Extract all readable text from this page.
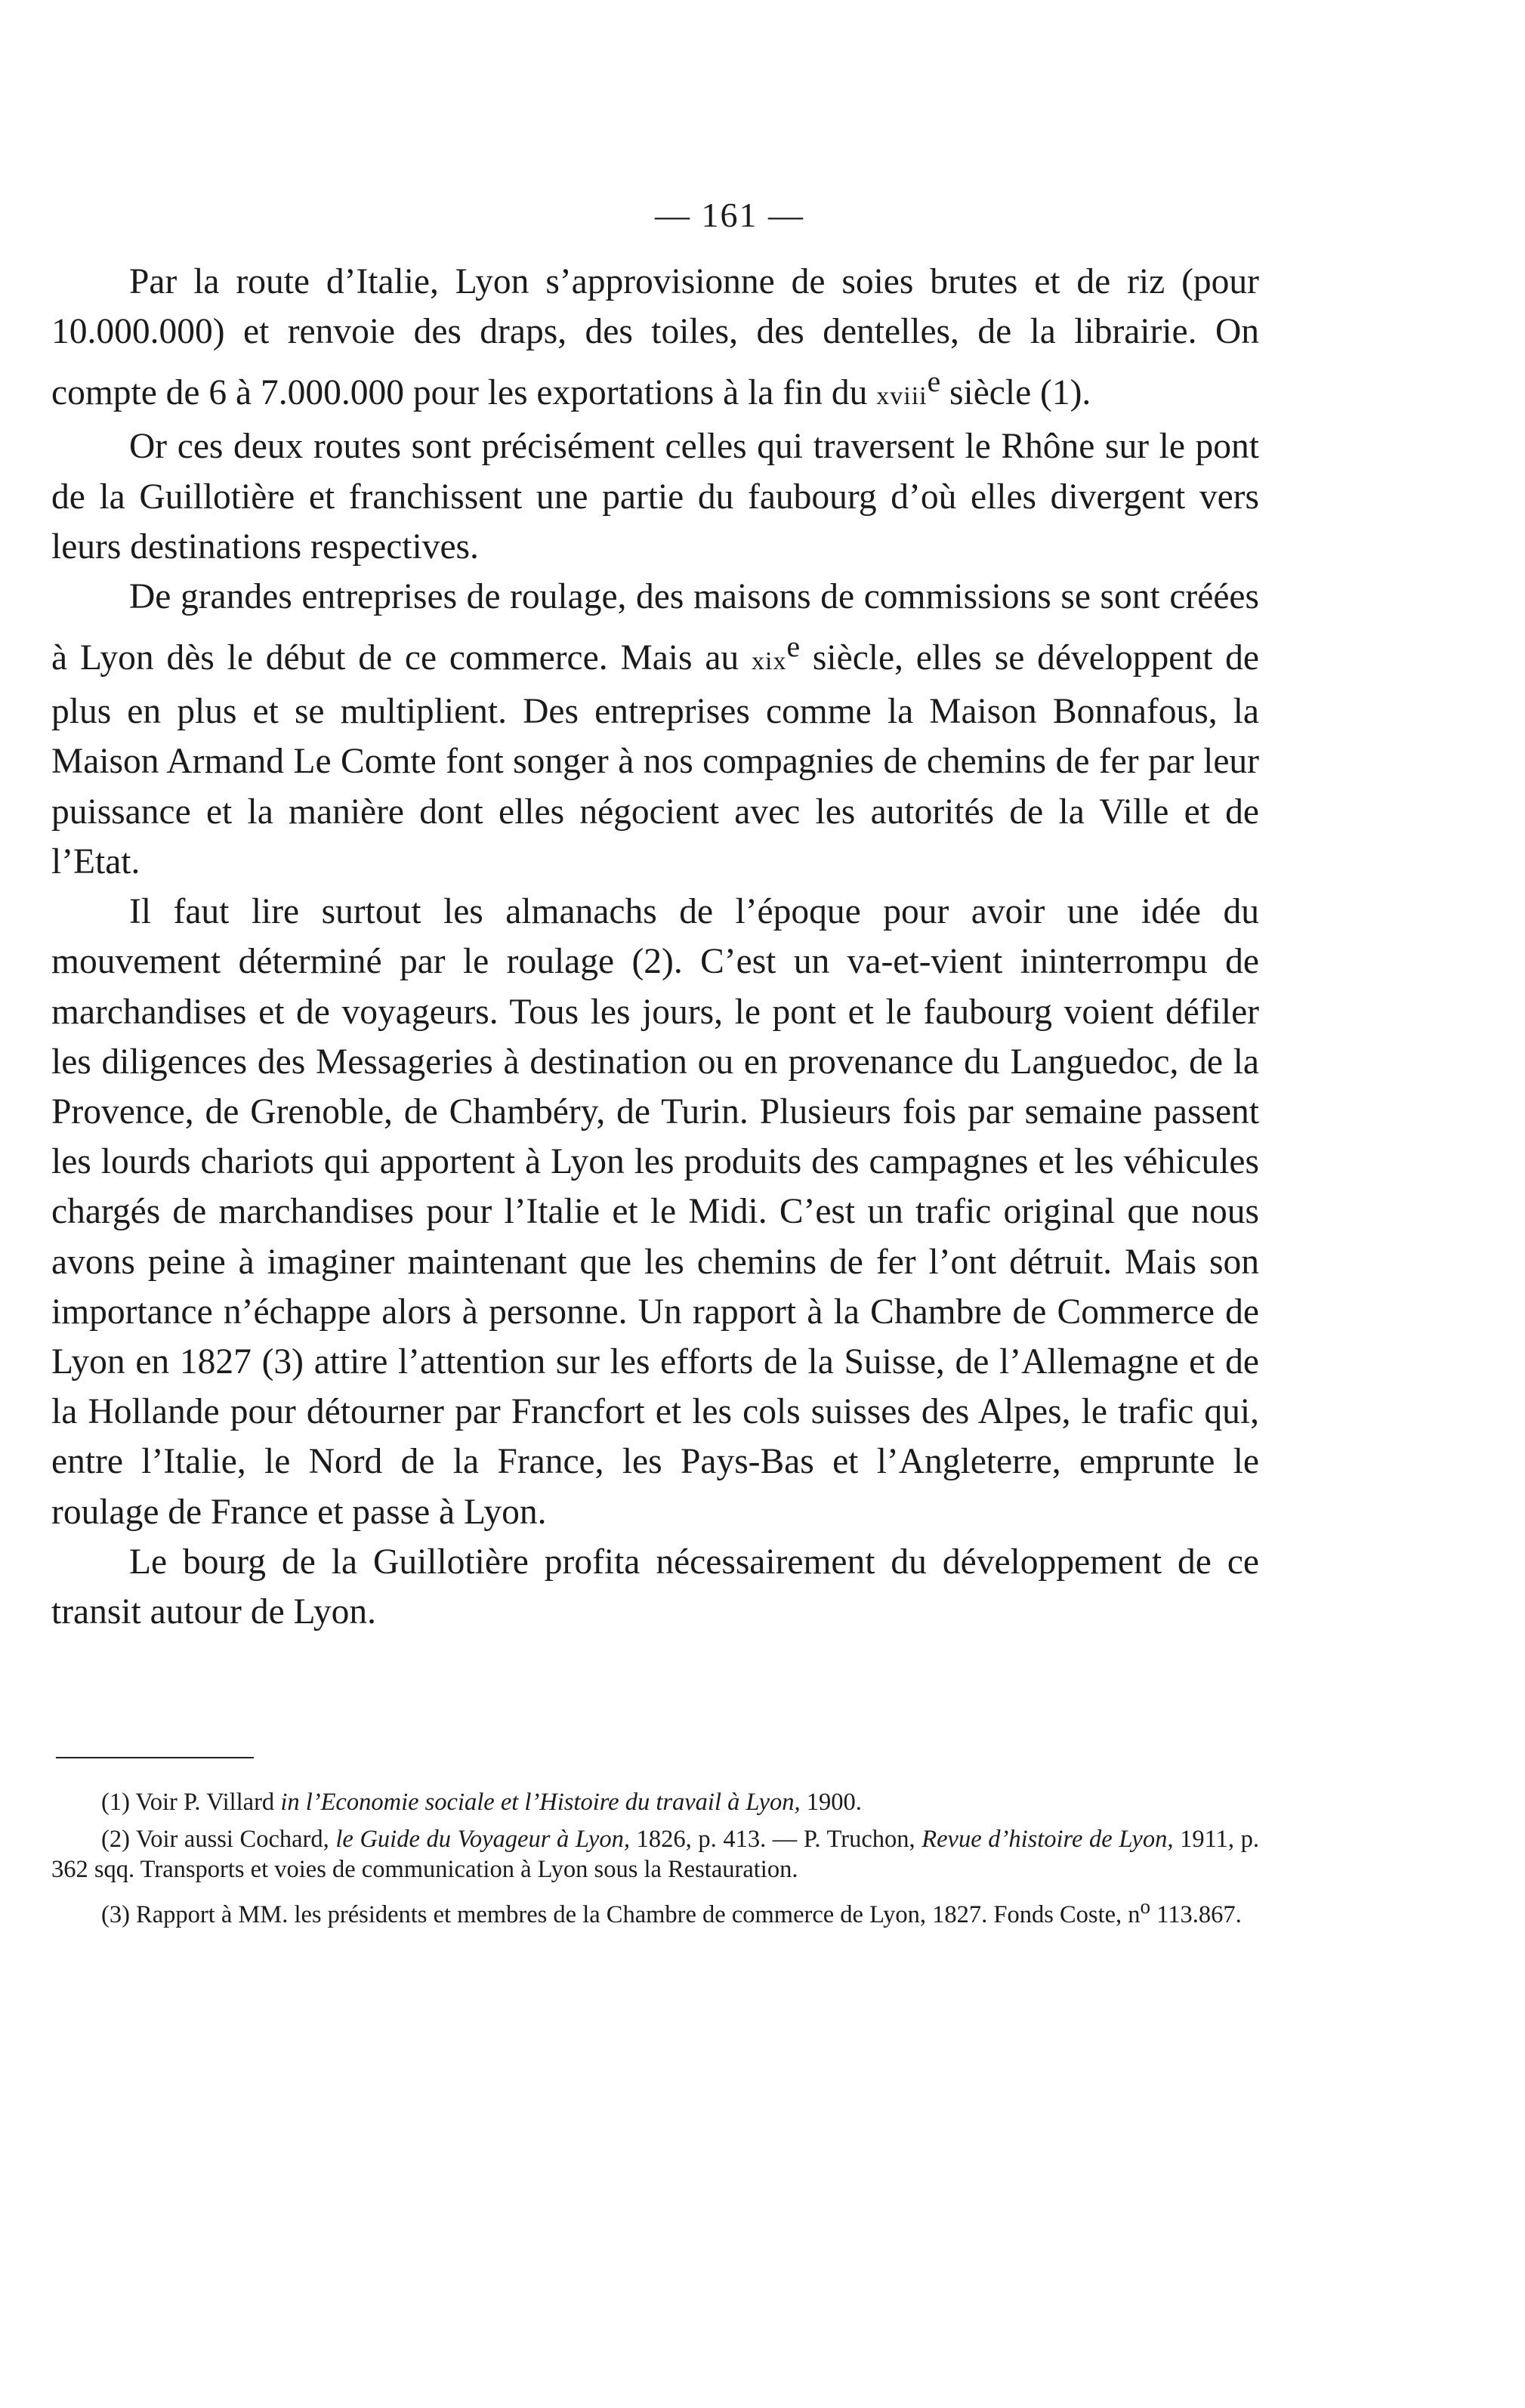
— 161 —

Par la route d’Italie, Lyon s’approvisionne de soies brutes et de riz (pour 10.000.000) et renvoie des draps, des toiles, des dentelles, de la librairie. On compte de 6 à 7.000.000 pour les exportations à la fin du xviii$^e$ siècle (1).

Or ces deux routes sont précisément celles qui traversent le Rhône sur le pont de la Guillotière et franchissent une partie du faubourg d’où elles divergent vers leurs destinations respectives.

De grandes entreprises de roulage, des maisons de commissions se sont créées à Lyon dès le début de ce commerce. Mais au xix$^e$ siècle, elles se développent de plus en plus et se multiplient. Des entreprises comme la Maison Bonnafous, la Maison Armand Le Comte font songer à nos compagnies de chemins de fer par leur puissance et la manière dont elles négocient avec les autorités de la Ville et de l’Etat.

Il faut lire surtout les almanachs de l’époque pour avoir une idée du mouvement déterminé par le roulage (2). C’est un va-et-vient ininterrompu de marchandises et de voyageurs. Tous les jours, le pont et le faubourg voient défiler les diligences des Messageries à destination ou en provenance du Languedoc, de la Provence, de Grenoble, de Chambéry, de Turin. Plusieurs fois par semaine passent les lourds chariots qui apportent à Lyon les produits des campagnes et les véhicules chargés de marchandises pour l’Italie et le Midi. C’est un trafic original que nous avons peine à imaginer maintenant que les chemins de fer l’ont détruit. Mais son importance n’échappe alors à personne. Un rapport à la Chambre de Commerce de Lyon en 1827 (3) attire l’attention sur les efforts de la Suisse, de l’Allemagne et de la Hollande pour détourner par Francfort et les cols suisses des Alpes, le trafic qui, entre l’Italie, le Nord de la France, les Pays-Bas et l’Angleterre, emprunte le roulage de France et passe à Lyon.

Le bourg de la Guillotière profita nécessairement du développement de ce transit autour de Lyon.

(1) Voir P. Villard in l’Economie sociale et l’Histoire du travail à Lyon, 1900.

(2) Voir aussi Cochard, le Guide du Voyageur à Lyon, 1826, p. 413. — P. Truchon, Revue d’histoire de Lyon, 1911, p. 362 sqq. Transports et voies de communication à Lyon sous la Restauration.

(3) Rapport à MM. les présidents et membres de la Chambre de commerce de Lyon, 1827. Fonds Coste, $n^o$ 113.867.
